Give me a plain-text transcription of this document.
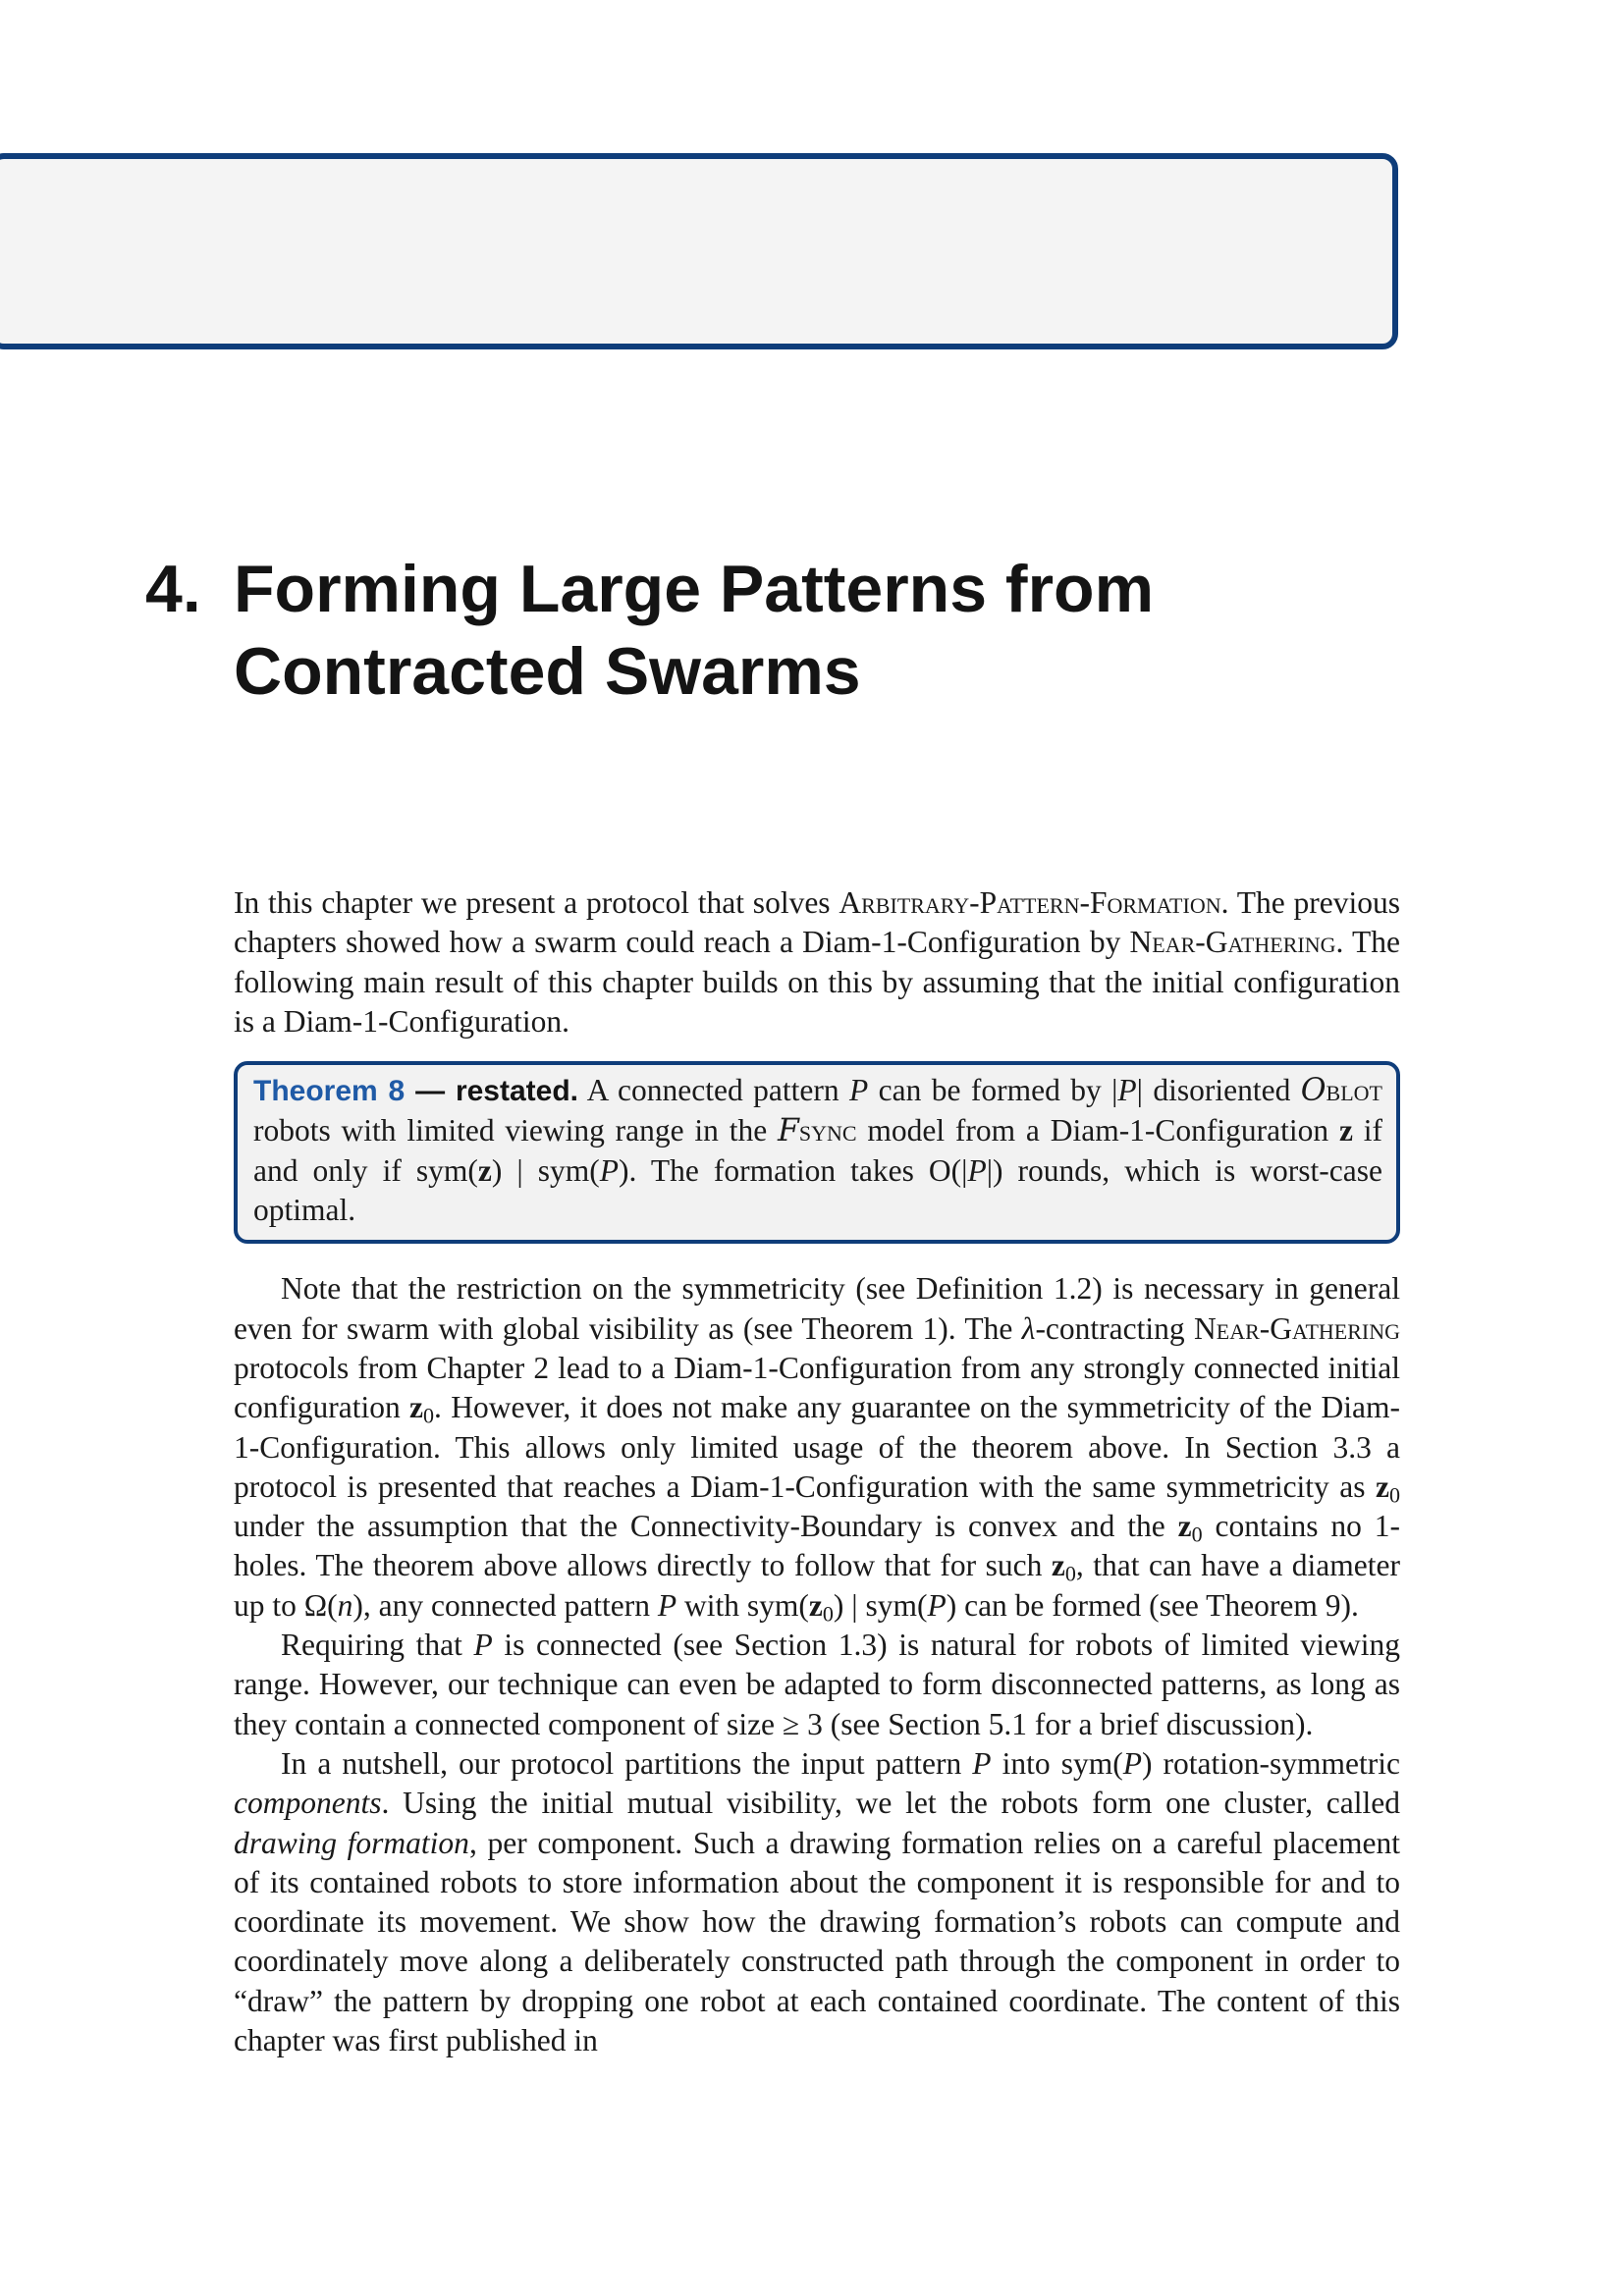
4. Forming Large Patterns from
Contracted Swarms

In this chapter we present a protocol that solves Arbitrary-Pattern-Formation. The previous chapters showed how a swarm could reach a Diam-1-Configuration by Near-Gathering. The following main result of this chapter builds on this by assuming that the initial configuration is a Diam-1-Configuration.

Theorem 8 — restated. A connected pattern P can be formed by |P| disoriented Oblot robots with limited viewing range in the Fsync model from a Diam-1-Configuration z if and only if sym(z) | sym(P). The formation takes O(|P|) rounds, which is worst-case optimal.

Note that the restriction on the symmetricity (see Definition 1.2) is necessary in general even for swarm with global visibility as (see Theorem 1). The λ-contracting Near-Gathering protocols from Chapter 2 lead to a Diam-1-Configuration from any strongly connected initial configuration $z_0$. However, it does not make any guarantee on the symmetricity of the Diam-1-Configuration. This allows only limited usage of the theorem above. In Section 3.3 a protocol is presented that reaches a Diam-1-Configuration with the same symmetricity as $z_0$ under the assumption that the Connectivity-Boundary is convex and the $z_0$ contains no 1-holes. The theorem above allows directly to follow that for such $z_0$, that can have a diameter up to Ω(n), any connected pattern P with $sym(z_0)$ | sym(P) can be formed (see Theorem 9).

Requiring that P is connected (see Section 1.3) is natural for robots of limited viewing range. However, our technique can even be adapted to form disconnected patterns, as long as they contain a connected component of size ≥ 3 (see Section 5.1 for a brief discussion).

In a nutshell, our protocol partitions the input pattern P into sym(P) rotation-symmetric components. Using the initial mutual visibility, we let the robots form one cluster, called drawing formation, per component. Such a drawing formation relies on a careful placement of its contained robots to store information about the component it is responsible for and to coordinate its movement. We show how the drawing formation’s robots can compute and coordinately move along a deliberately constructed path through the component in order to “draw” the pattern by dropping one robot at each contained coordinate. The content of this chapter was first published in
